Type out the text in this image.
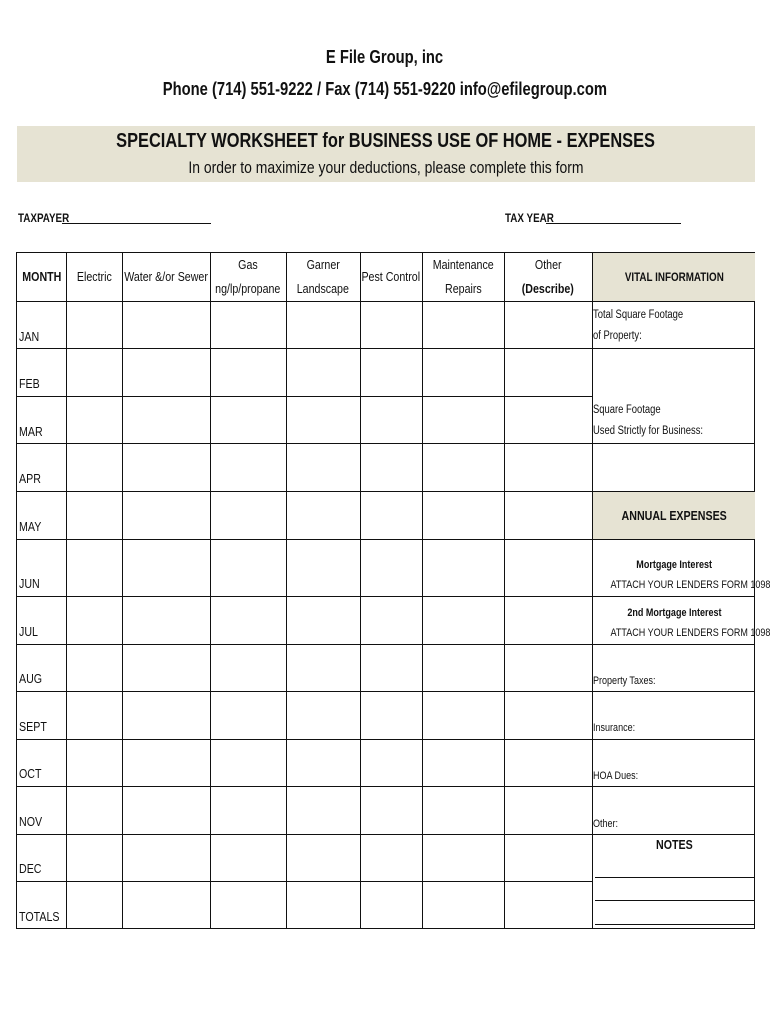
E File Group, inc
Phone (714) 551-9222 / Fax (714) 551-9220 info@efilegroup.com
SPECIALTY WORKSHEET for BUSINESS USE OF HOME - EXPENSES
In order to maximize your deductions, please complete this form
TAXPAYER	TAX YEAR
MONTH Electric Water &/or Sewer
Gas
ng/lp/propane
Garner
Landscape
Pest Control
Maintenance
Repairs
Other
(Describe)
JAN
FEB
MAR
APR
MAY
JUN
JUL
AUG
SEPT
OCT
NOV
DEC
TOTALS
VITAL INFORMATION
Total Square Footage
of Property:
Square Footage
Used Strictly for Business:
ANNUAL EXPENSES
Mortgage Interest
ATTACH YOUR LENDERS FORM 1098
2nd Mortgage Interest
ATTACH YOUR LENDERS FORM 1098
Property Taxes:
Insurance:
HOA Dues:
Other:
NOTES
